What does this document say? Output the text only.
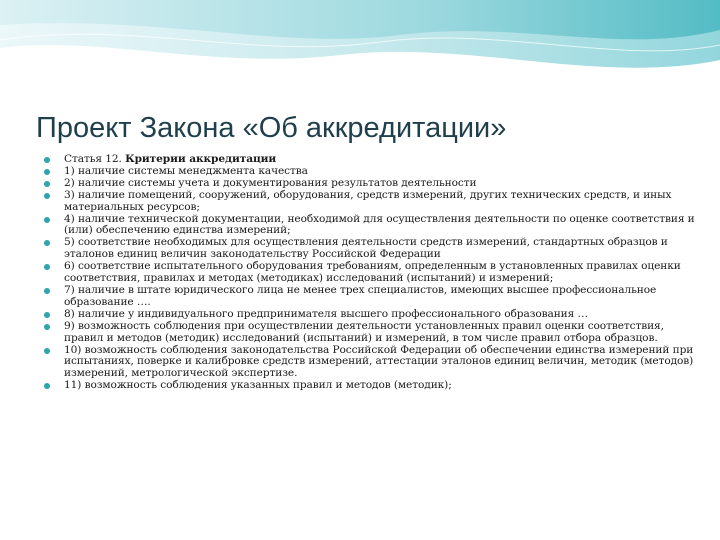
Проект Закона «Об аккредитации»
Статья 12. Критерии аккредитации
1) наличие системы менеджмента качества
2) наличие системы учета и документирования результатов деятельности
3) наличие помещений, сооружений, оборудования, средств измерений, других технических средств, и иных материальных ресурсов;
4) наличие технической документации, необходимой для осуществления деятельности по оценке соответствия и (или) обеспечению единства измерений;
5) соответствие необходимых для осуществления деятельности средств измерений, стандартных образцов и эталонов единиц величин законодательству Российской Федерации
6) соответствие испытательного оборудования требованиям, определенным в установленных правилах оценки соответствия, правилах и методах (методиках) исследований (испытаний) и измерений;
7) наличие в штате юридического лица не менее трех специалистов, имеющих высшее профессиональное образование ….
8) наличие у индивидуального предпринимателя высшего профессионального образования …
9) возможность соблюдения при осуществлении деятельности установленных правил оценки соответствия, правил и методов (методик) исследований (испытаний) и измерений, в том числе правил отбора образцов.
10) возможность соблюдения законодательства Российской Федерации об обеспечении единства измерений при испытаниях, поверке и калибровке средств измерений, аттестации эталонов единиц величин, методик (методов) измерений, метрологической экспертизе.
11) возможность соблюдения указанных правил и методов (методик);
